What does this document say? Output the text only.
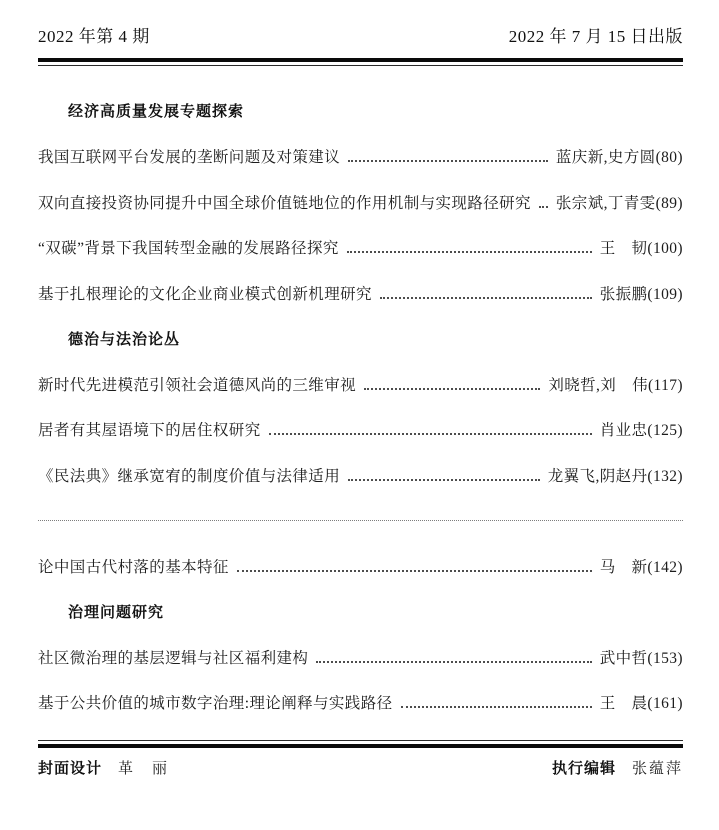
2022 年第 4 期	2022 年 7 月 15 日出版
经济高质量发展专题探索
我国互联网平台发展的垄断问题及对策建议	蓝庆新,史方圆(80)
双向直接投资协同提升中国全球价值链地位的作用机制与实现路径研究 张宗斌,丁青雯(89)
“双碳”背景下我国转型金融的发展路径探究	王　韧(100)
基于扎根理论的文化企业商业模式创新机理研究	张振鹏(109)
德治与法治论丛
新时代先进模范引领社会道德风尚的三维审视	刘晓哲,刘　伟(117)
居者有其屋语境下的居住权研究	肖业忠(125)
《民法典》继承宽宥的制度价值与法律适用	龙翼飞,阴赵丹(132)
论中国古代村落的基本特征	马　新(142)
治理问题研究
社区微治理的基层逻辑与社区福利建构	武中哲(153)
基于公共价值的城市数字治理:理论阐释与实践路径	王　晨(161)
封面设计 革　丽	执行编辑 张蕴萍
